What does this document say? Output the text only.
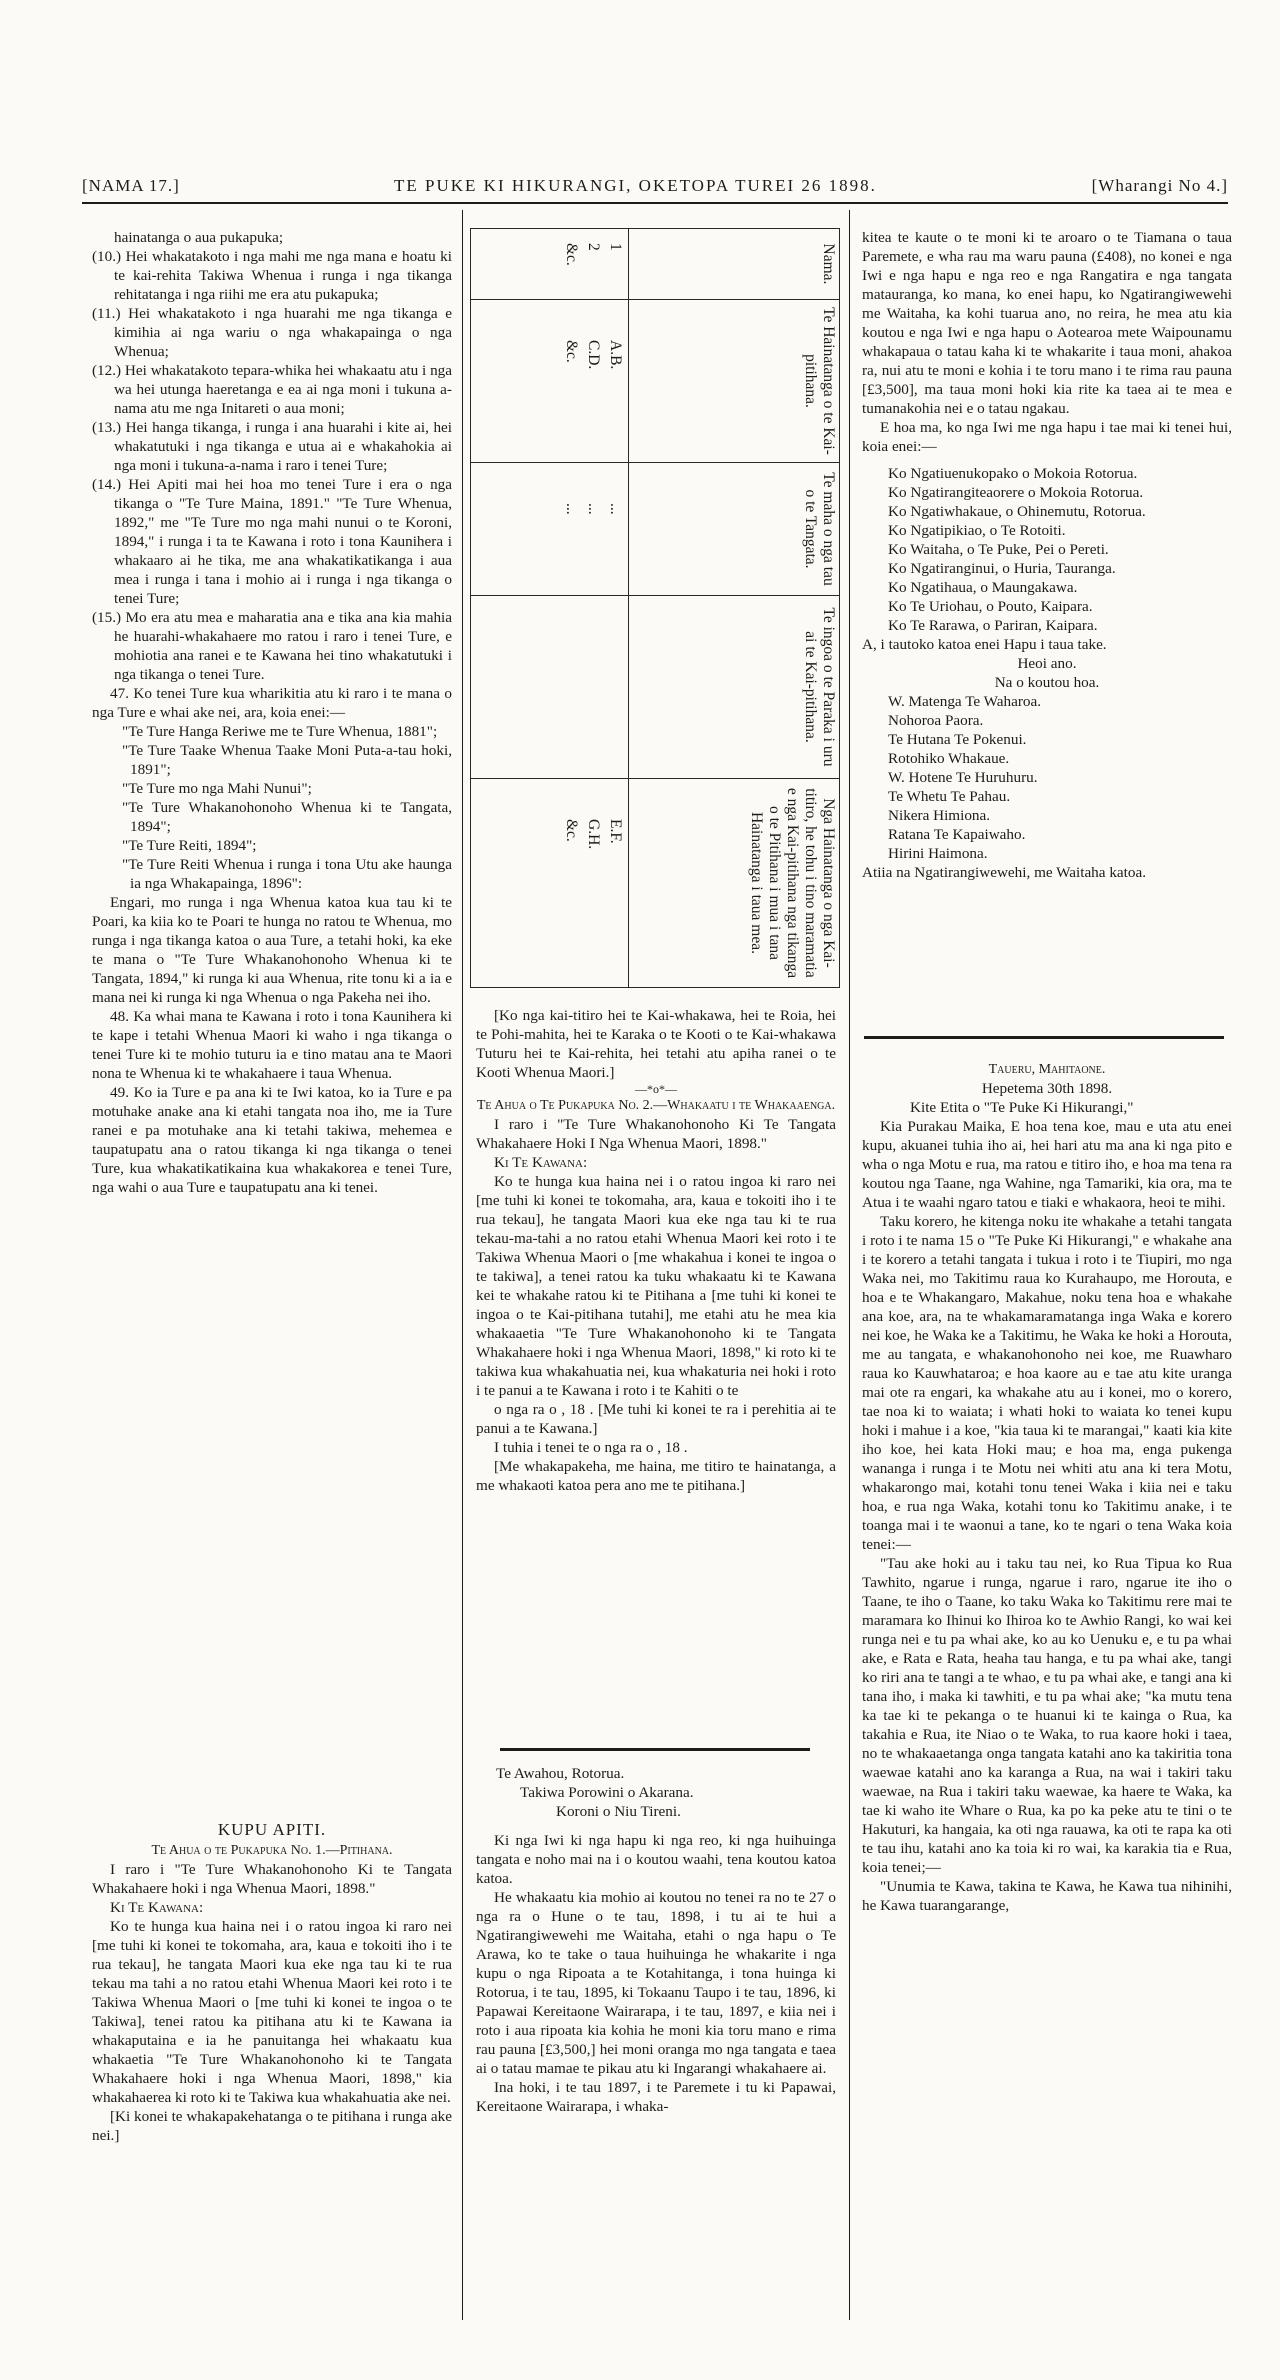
[NAMA 17.]	TE PUKE KI HIKURANGI, OKETOPA TUREI 26 1898.	[Wharangi No 4.]

hainatanga o aua pukapuka;

(10.) Hei whakatakoto i nga mahi me nga mana e hoatu ki te kai-rehita Takiwa Whenua i runga i nga tikanga rehitatanga i nga riihi me era atu pukapuka;

(11.) Hei whakatakoto i nga huarahi me nga tikanga e kimihia ai nga wariu o nga whakapainga o nga Whenua;

(12.) Hei whakatakoto tepara-whika hei whakaatu atu i nga wa hei utunga haeretanga e ea ai nga moni i tukuna a-nama atu me nga Initareti o aua moni;

(13.) Hei hanga tikanga, i runga i ana huarahi i kite ai, hei whakatutuki i nga tikanga e utua ai e whakahokia ai nga moni i tukuna-a-nama i raro i tenei Ture;

(14.) Hei Apiti mai hei hoa mo tenei Ture i era o nga tikanga o "Te Ture Maina, 1891." "Te Ture Whenua, 1892," me "Te Ture mo nga mahi nunui o te Koroni, 1894," i runga i ta te Kawana i roto i tona Kaunihera i whakaaro ai he tika, me ana whakatikatikanga i aua mea i runga i tana i mohio ai i runga i nga tikanga o tenei Ture;

(15.) Mo era atu mea e maharatia ana e tika ana kia mahia he huarahi-whakahaere mo ratou i raro i tenei Ture, e mohiotia ana ranei e te Kawana hei tino whakatutuki i nga tikanga o tenei Ture.

47. Ko tenei Ture kua wharikitia atu ki raro i te mana o nga Ture e whai ake nei, ara, koia enei:—

"Te Ture Hanga Reriwe me te Ture Whenua, 1881";

"Te Ture Taake Whenua Taake Moni Puta-a-tau hoki, 1891";

"Te Ture mo nga Mahi Nunui";

"Te Ture Whakanohonoho Whenua ki te Tangata, 1894";

"Te Ture Reiti, 1894";

"Te Ture Reiti Whenua i runga i tona Utu ake haunga ia nga Whakapainga, 1896":

Engari, mo runga i nga Whenua katoa kua tau ki te Poari, ka kiia ko te Poari te hunga no ratou te Whenua, mo runga i nga tikanga katoa o aua Ture, a tetahi hoki, ka eke te mana o "Te Ture Whakanohonoho Whenua ki te Tangata, 1894," ki runga ki aua Whenua, rite tonu ki a ia e mana nei ki runga ki nga Whenua o nga Pakeha nei iho.

48. Ka whai mana te Kawana i roto i tona Kaunihera ki te kape i tetahi Whenua Maori ki waho i nga tikanga o tenei Ture ki te mohio tuturu ia e tino matau ana te Maori nona te Whenua ki te whakahaere i taua Whenua.

49. Ko ia Ture e pa ana ki te Iwi katoa, ko ia Ture e pa motuhake anake ana ki etahi tangata noa iho, me ia Ture ranei e pa motuhake ana ki tetahi takiwa, mehemea e taupatupatu ana o ratou tikanga ki nga tikanga o tenei Ture, kua whakatikatikaina kua whakakorea e tenei Ture, nga wahi o aua Ture e taupatupatu ana ki tenei.

KUPU APITI.

Te Ahua o te Pukapuka No. 1.—Pitihana.

I raro i "Te Ture Whakanohonoho Ki te Tangata Whakahaere hoki i nga Whenua Maori, 1898."

Ki Te Kawana:

Ko te hunga kua haina nei i o ratou ingoa ki raro nei [me tuhi ki konei te tokomaha, ara, kaua e tokoiti iho i te rua tekau], he tangata Maori kua eke nga tau ki te rua tekau ma tahi a no ratou etahi Whenua Maori kei roto i te Takiwa Whenua Maori o [me tuhi ki konei te ingoa o te Takiwa], tenei ratou ka pitihana atu ki te Kawana ia whakaputaina e ia he panuitanga hei whakaatu kua whakaetia "Te Ture Whakanohonoho ki te Tangata Whakahaere hoki i nga Whenua Maori, 1898," kia whakahaerea ki roto ki te Takiwa kua whakahuatia ake nei.

[Ki konei te whakapakehatanga o te pitihana i runga ake nei.]

Nama.	Te Hainatanga o te Kai-pitihana.	Te maha o nga tau o te Tangata.	Te ingoa o te Paraka i uru ai te Kai-pitihana.	Nga Hainatanga o nga Kai-titiro, he tohu i tino maramatia e nga Kai-pitihana nga tikanga o te Pitihana i mua i tana Hainatanga i taua mea.

1
2
&c.

A.B.
C.D.
&c.

...
...
...

E.F.
G.H.
&c.

[Ko nga kai-titiro hei te Kai-whakawa, hei te Roia, hei te Pohi-mahita, hei te Karaka o te Kooti o te Kai-whakawa Tuturu hei te Kai-rehita, hei tetahi atu apiha ranei o te Kooti Whenua Maori.]

—*o*—

Te Ahua o Te Pukapuka No. 2.—Whakaatu i te Whakaaenga.

I raro i "Te Ture Whakanohonoho Ki Te Tangata Whakahaere Hoki I Nga Whenua Maori, 1898."

Ki Te Kawana:

Ko te hunga kua haina nei i o ratou ingoa ki raro nei [me tuhi ki konei te tokomaha, ara, kaua e tokoiti iho i te rua tekau], he tangata Maori kua eke nga tau ki te rua tekau-ma-tahi a no ratou etahi Whenua Maori kei roto i te Takiwa Whenua Maori o [me whakahua i konei te ingoa o te takiwa], a tenei ratou ka tuku whakaatu ki te Kawana kei te whakahe ratou ki te Pitihana a [me tuhi ki konei te ingoa o te Kai-pitihana tutahi], me etahi atu he mea kia whakaaetia "Te Ture Whakanohonoho ki te Tangata Whakahaere hoki i nga Whenua Maori, 1898," ki roto ki te takiwa kua whakahuatia nei, kua whakaturia nei hoki i roto i te panui a te Kawana i roto i te Kahiti o te

o nga ra o , 18 . [Me tuhi ki konei te ra i perehitia ai te panui a te Kawana.]

I tuhia i tenei te o nga ra o , 18 .

[Me whakapakeha, me haina, me titiro te hainatanga, a me whakaoti katoa pera ano me te pitihana.]

Te Awahou, Rotorua.

Takiwa Porowini o Akarana.

Koroni o Niu Tireni.

Ki nga Iwi ki nga hapu ki nga reo, ki nga huihuinga tangata e noho mai na i o koutou waahi, tena koutou katoa katoa.

He whakaatu kia mohio ai koutou no tenei ra no te 27 o nga ra o Hune o te tau, 1898, i tu ai te hui a Ngatirangiwewehi me Waitaha, etahi o nga hapu o Te Arawa, ko te take o taua huihuinga he whakarite i nga kupu o nga Ripoata a te Kotahitanga, i tona huinga ki Rotorua, i te tau, 1895, ki Tokaanu Taupo i te tau, 1896, ki Papawai Kereitaone Wairarapa, i te tau, 1897, e kiia nei i roto i aua ripoata kia kohia he moni kia toru mano e rima rau pauna [£3,500,] hei moni oranga mo nga tangata e taea ai o tatau mamae te pikau atu ki Ingarangi whakahaere ai.

Ina hoki, i te tau 1897, i te Paremete i tu ki Papawai, Kereitaone Wairarapa, i whaka-

kitea te kaute o te moni ki te aroaro o te Tiamana o taua Paremete, e wha rau ma waru pauna (£408), no konei e nga Iwi e nga hapu e nga reo e nga Rangatira e nga tangata matauranga, ko mana, ko enei hapu, ko Ngatirangiwewehi me Waitaha, ka kohi tuarua ano, no reira, he mea atu kia koutou e nga Iwi e nga hapu o Aotearoa mete Waipounamu whakapaua o tatau kaha ki te whakarite i taua moni, ahakoa ra, nui atu te moni e kohia i te toru mano i te rima rau pauna [£3,500], ma taua moni hoki kia rite ka taea ai te mea e tumanakohia nei e o tatau ngakau.

E hoa ma, ko nga Iwi me nga hapu i tae mai ki tenei hui, koia enei:—

Ko Ngatiuenukopako o Mokoia Rotorua.

Ko Ngatirangiteaorere o Mokoia Rotorua.

Ko Ngatiwhakaue, o Ohinemutu, Rotorua.

Ko Ngatipikiao, o Te Rotoiti.

Ko Waitaha, o Te Puke, Pei o Pereti.

Ko Ngatiranginui, o Huria, Tauranga.

Ko Ngatihaua, o Maungakawa.

Ko Te Uriohau, o Pouto, Kaipara.

Ko Te Rarawa, o Pariran, Kaipara.

A, i tautoko katoa enei Hapu i taua take.

Heoi ano.

Na o koutou hoa.

W. Matenga Te Waharoa.

Nohoroa Paora.

Te Hutana Te Pokenui.

Rotohiko Whakaue.

W. Hotene Te Huruhuru.

Te Whetu Te Pahau.

Nikera Himiona.

Ratana Te Kapaiwaho.

Hirini Haimona.

Atiia na Ngatirangiwewehi, me Waitaha katoa.

Taueru, Mahitaone.

Hepetema 30th 1898.

Kite Etita o "Te Puke Ki Hikurangi,"

Kia Purakau Maika, E hoa tena koe, mau e uta atu enei kupu, akuanei tuhia iho ai, hei hari atu ma ana ki nga pito e wha o nga Motu e rua, ma ratou e titiro iho, e hoa ma tena ra koutou nga Taane, nga Wahine, nga Tamariki, kia ora, ma te Atua i te waahi ngaro tatou e tiaki e whakaora, heoi te mihi.

Taku korero, he kitenga noku ite whakahe a tetahi tangata i roto i te nama 15 o "Te Puke Ki Hikurangi," e whakahe ana i te korero a tetahi tangata i tukua i roto i te Tiupiri, mo nga Waka nei, mo Takitimu raua ko Kurahaupo, me Horouta, e hoa e te Whakangaro, Makahue, noku tena hoa e whakahe ana koe, ara, na te whakamaramatanga inga Waka e korero nei koe, he Waka ke a Takitimu, he Waka ke hoki a Horouta, me au tangata, e whakanohonoho nei koe, me Ruawharo raua ko Kauwhataroa; e hoa kaore au e tae atu kite uranga mai ote ra engari, ka whakahe atu au i konei, mo o korero, tae noa ki to waiata; i whati hoki to waiata ko tenei kupu hoki i mahue i a koe, "kia taua ki te marangai," kaati kia kite iho koe, hei kata Hoki mau; e hoa ma, enga pukenga wananga i runga i te Motu nei whiti atu ana ki tera Motu, whakarongo mai, kotahi tonu tenei Waka i kiia nei e taku hoa, e rua nga Waka, kotahi tonu ko Takitimu anake, i te toanga mai i te waonui a tane, ko te ngari o tena Waka koia tenei:—

"Tau ake hoki au i taku tau nei, ko Rua Tipua ko Rua Tawhito, ngarue i runga, ngarue i raro, ngarue ite iho o Taane, te iho o Taane, ko taku Waka ko Takitimu rere mai te maramara ko Ihinui ko Ihiroa ko te Awhio Rangi, ko wai kei runga nei e tu pa whai ake, ko au ko Uenuku e, e tu pa whai ake, e Rata e Rata, heaha tau hanga, e tu pa whai ake, tangi ko riri ana te tangi a te whao, e tu pa whai ake, e tangi ana ki tana iho, i maka ki tawhiti, e tu pa whai ake; "ka mutu tena ka tae ki te pekanga o te huanui ki te kainga o Rua, ka takahia e Rua, ite Niao o te Waka, to rua kaore hoki i taea, no te whakaaetanga onga tangata katahi ano ka takiritia tona waewae katahi ano ka karanga a Rua, na wai i takiri taku waewae, na Rua i takiri taku waewae, ka haere te Waka, ka tae ki waho ite Whare o Rua, ka po ka peke atu te tini o te Hakuturi, ka hangaia, ka oti nga rauawa, ka oti te rapa ka oti te tau ihu, katahi ano ka toia ki ro wai, ka karakia tia e Rua, koia tenei;—

"Unumia te Kawa, takina te Kawa, he Kawa tua nihinihi, he Kawa tuarangarange,
